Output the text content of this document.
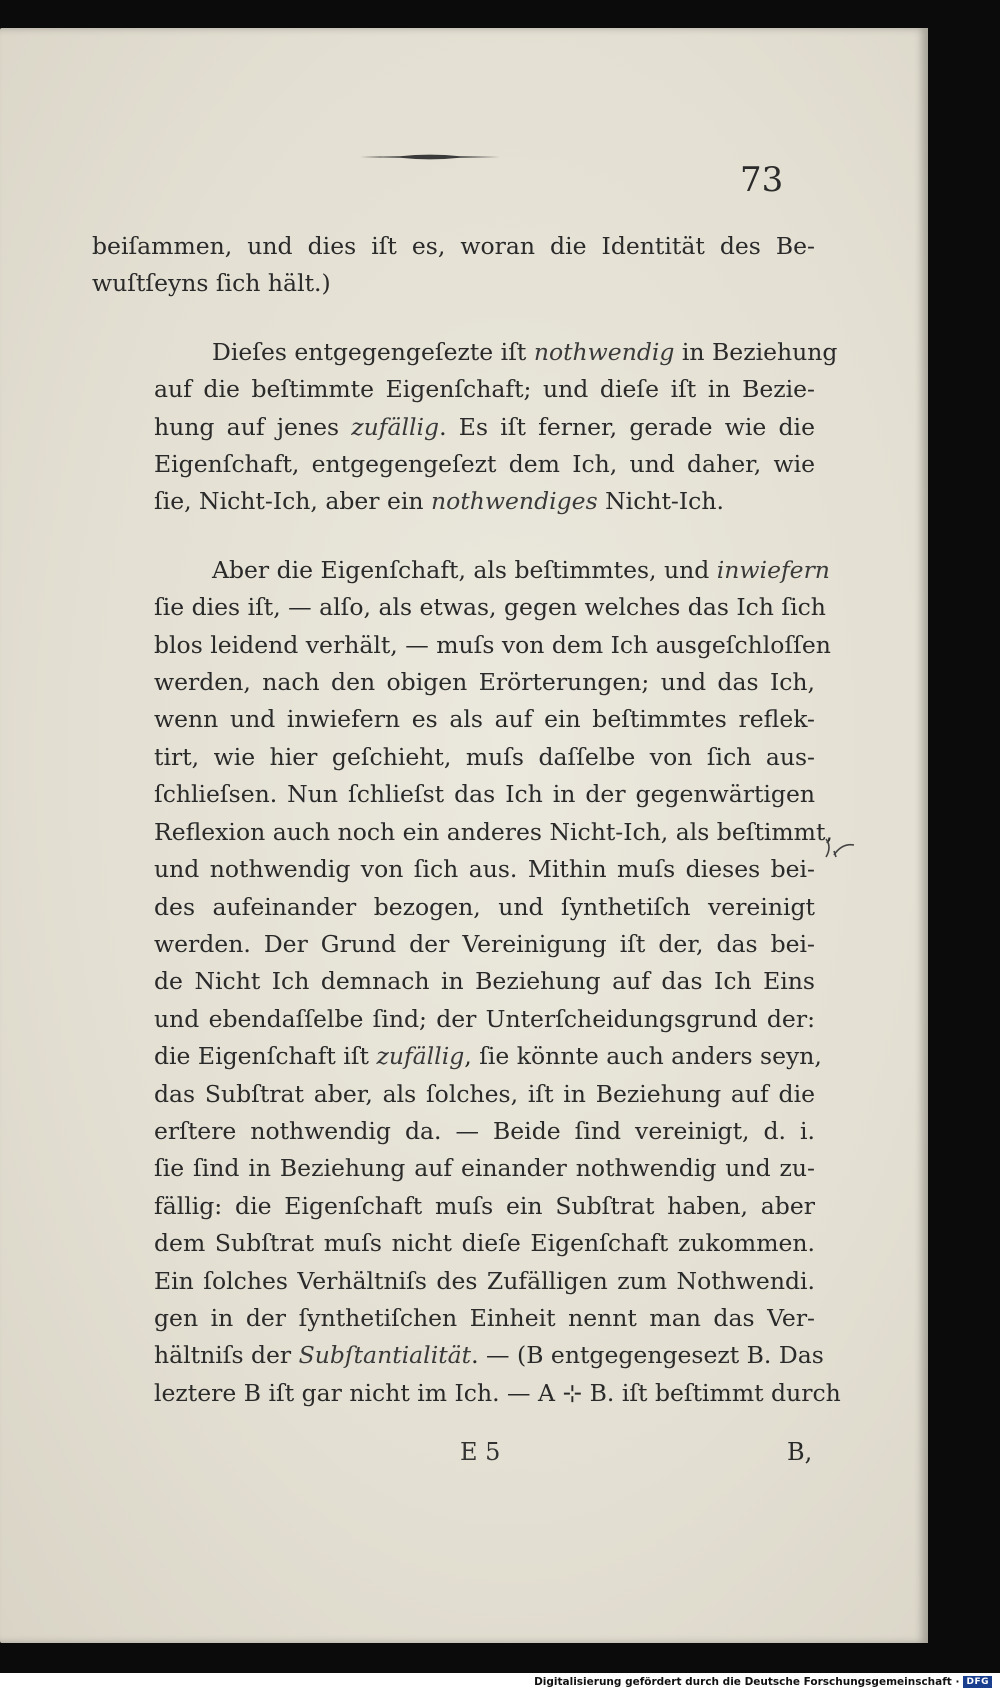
73
beiſammen, und dies iſt es, woran die Identität des Be-
wuſtſeyns ſich hält.)
Dieſes entgegengeſezte iſt nothwendig in Beziehung
auf die beſtimmte Eigenſchaft; und dieſe iſt in Bezie-
hung auf jenes zufällig. Es iſt ferner, gerade wie die
Eigenſchaft, entgegengeſezt dem Ich, und daher, wie
ſie, Nicht-Ich, aber ein nothwendiges Nicht-Ich.
Aber die Eigenſchaft, als beſtimmtes, und inwiefern
ſie dies iſt, — alſo, als etwas, gegen welches das Ich ſich
blos leidend verhält, — muſs von dem Ich ausgeſchloſſen
werden, nach den obigen Erörterungen; und das Ich,
wenn und inwiefern es als auf ein beſtimmtes reflek-
tirt, wie hier geſchieht, muſs daſſelbe von ſich aus-
ſchlieſsen. Nun ſchlieſst das Ich in der gegenwärtigen
Reflexion auch noch ein anderes Nicht-Ich, als beſtimmt,
und nothwendig von ſich aus. Mithin muſs dieses bei-
des aufeinander bezogen, und ſynthetiſch vereinigt
werden. Der Grund der Vereinigung iſt der, das bei-
de Nicht Ich demnach in Beziehung auf das Ich Eins
und ebendaſſelbe ſind; der Unterſcheidungsgrund der:
die Eigenſchaft iſt zufällig, ſie könnte auch anders seyn,
das Subſtrat aber, als ſolches, iſt in Beziehung auf die
erſtere nothwendig da. — Beide ſind vereinigt, d. i.
ſie ſind in Beziehung auf einander nothwendig und zu-
fällig: die Eigenſchaft muſs ein Subſtrat haben, aber
dem Subſtrat muſs nicht dieſe Eigenſchaft zukommen.
Ein ſolches Verhältniſs des Zufälligen zum Nothwendi.
gen in der ſynthetiſchen Einheit nennt man das Ver-
hältniſs der Subſtantialität. — (B entgegengesezt B. Das
leztere B iſt gar nicht im Ich. — A ⊹ B. iſt beſtimmt durch
E 5	B,
Digitalisierung gefördert durch die Deutsche Forschungsgemeinschaft · DFG
